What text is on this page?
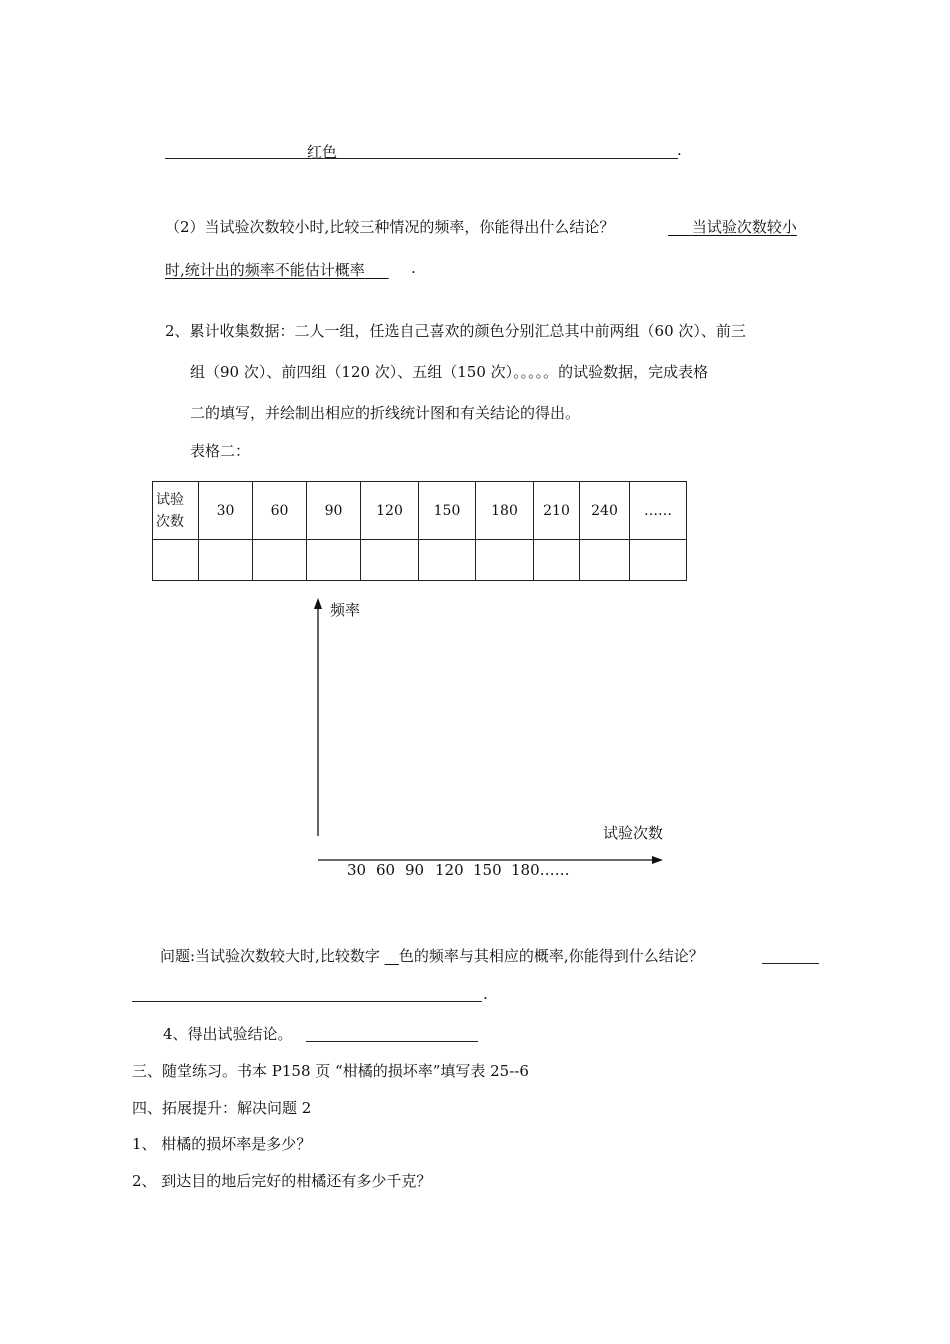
红色	.
（2）当试验次数较小时,比较三种情况的频率，你能得出什么结论？	当试验次数较小
时,统计出的频率不能估计概率	.
2、累计收集数据：二人一组，任选自己喜欢的颜色分别汇总其中前两组（60 次）、前三
组（90 次）、前四组（120 次）、五组（150 次）。。。。。的试验数据，完成表格
二的填写，并绘制出相应的折线统计图和有关结论的得出。
表格二：
试验
次数	30	60	90	120	150	180	210	240	……

频率
试验次数
30 60 90 120 150 180……
问题:当试验次数较大时,比较数字 色的频率与其相应的概率,你能得到什么结论？
.
4、得出试验结论。
三、随堂练习。书本 P158 页 “柑橘的损坏率”填写表 25--6
四、拓展提升：解决问题 2
1、 柑橘的损坏率是多少？
2、 到达目的地后完好的柑橘还有多少千克？
